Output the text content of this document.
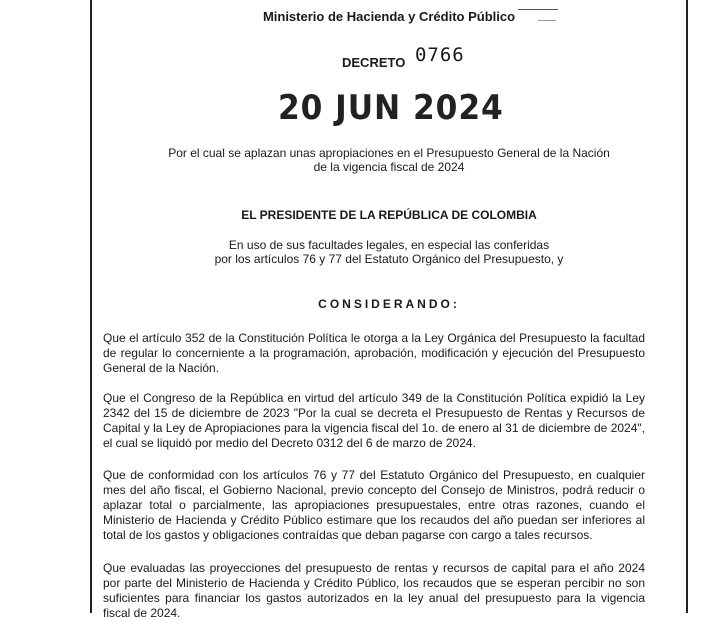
Ministerio de Hacienda y Crédito Público
DECRETO 0766
20 JUN 2024
Por el cual se aplazan unas apropiaciones en el Presupuesto General de la Nación
de la vigencia fiscal de 2024
EL PRESIDENTE DE LA REPÚBLICA DE COLOMBIA
En uso de sus facultades legales, en especial las conferidas
por los artículos 76 y 77 del Estatuto Orgánico del Presupuesto, y
CONSIDERANDO:
Que el artículo 352 de la Constitución Política le otorga a la Ley Orgánica del Presupuesto la facultad de regular lo concerniente a la programación, aprobación, modificación y ejecución del Presupuesto General de la Nación.
Que el Congreso de la República en virtud del artículo 349 de la Constitución Política expidió la Ley 2342 del 15 de diciembre de 2023 "Por la cual se decreta el Presupuesto de Rentas y Recursos de Capital y la Ley de Apropiaciones para la vigencia fiscal del 1o. de enero al 31 de diciembre de 2024", el cual se liquidó por medio del Decreto 0312 del 6 de marzo de 2024.
Que de conformidad con los artículos 76 y 77 del Estatuto Orgánico del Presupuesto, en cualquier mes del año fiscal, el Gobierno Nacional, previo concepto del Consejo de Ministros, podrá reducir o aplazar total o parcialmente, las apropiaciones presupuestales, entre otras razones, cuando el Ministerio de Hacienda y Crédito Público estimare que los recaudos del año puedan ser inferiores al total de los gastos y obligaciones contraídas que deban pagarse con cargo a tales recursos.
Que evaluadas las proyecciones del presupuesto de rentas y recursos de capital para el año 2024 por parte del Ministerio de Hacienda y Crédito Público, los recaudos que se esperan percibir no son suficientes para financiar los gastos autorizados en la ley anual del presupuesto para la vigencia fiscal de 2024.
